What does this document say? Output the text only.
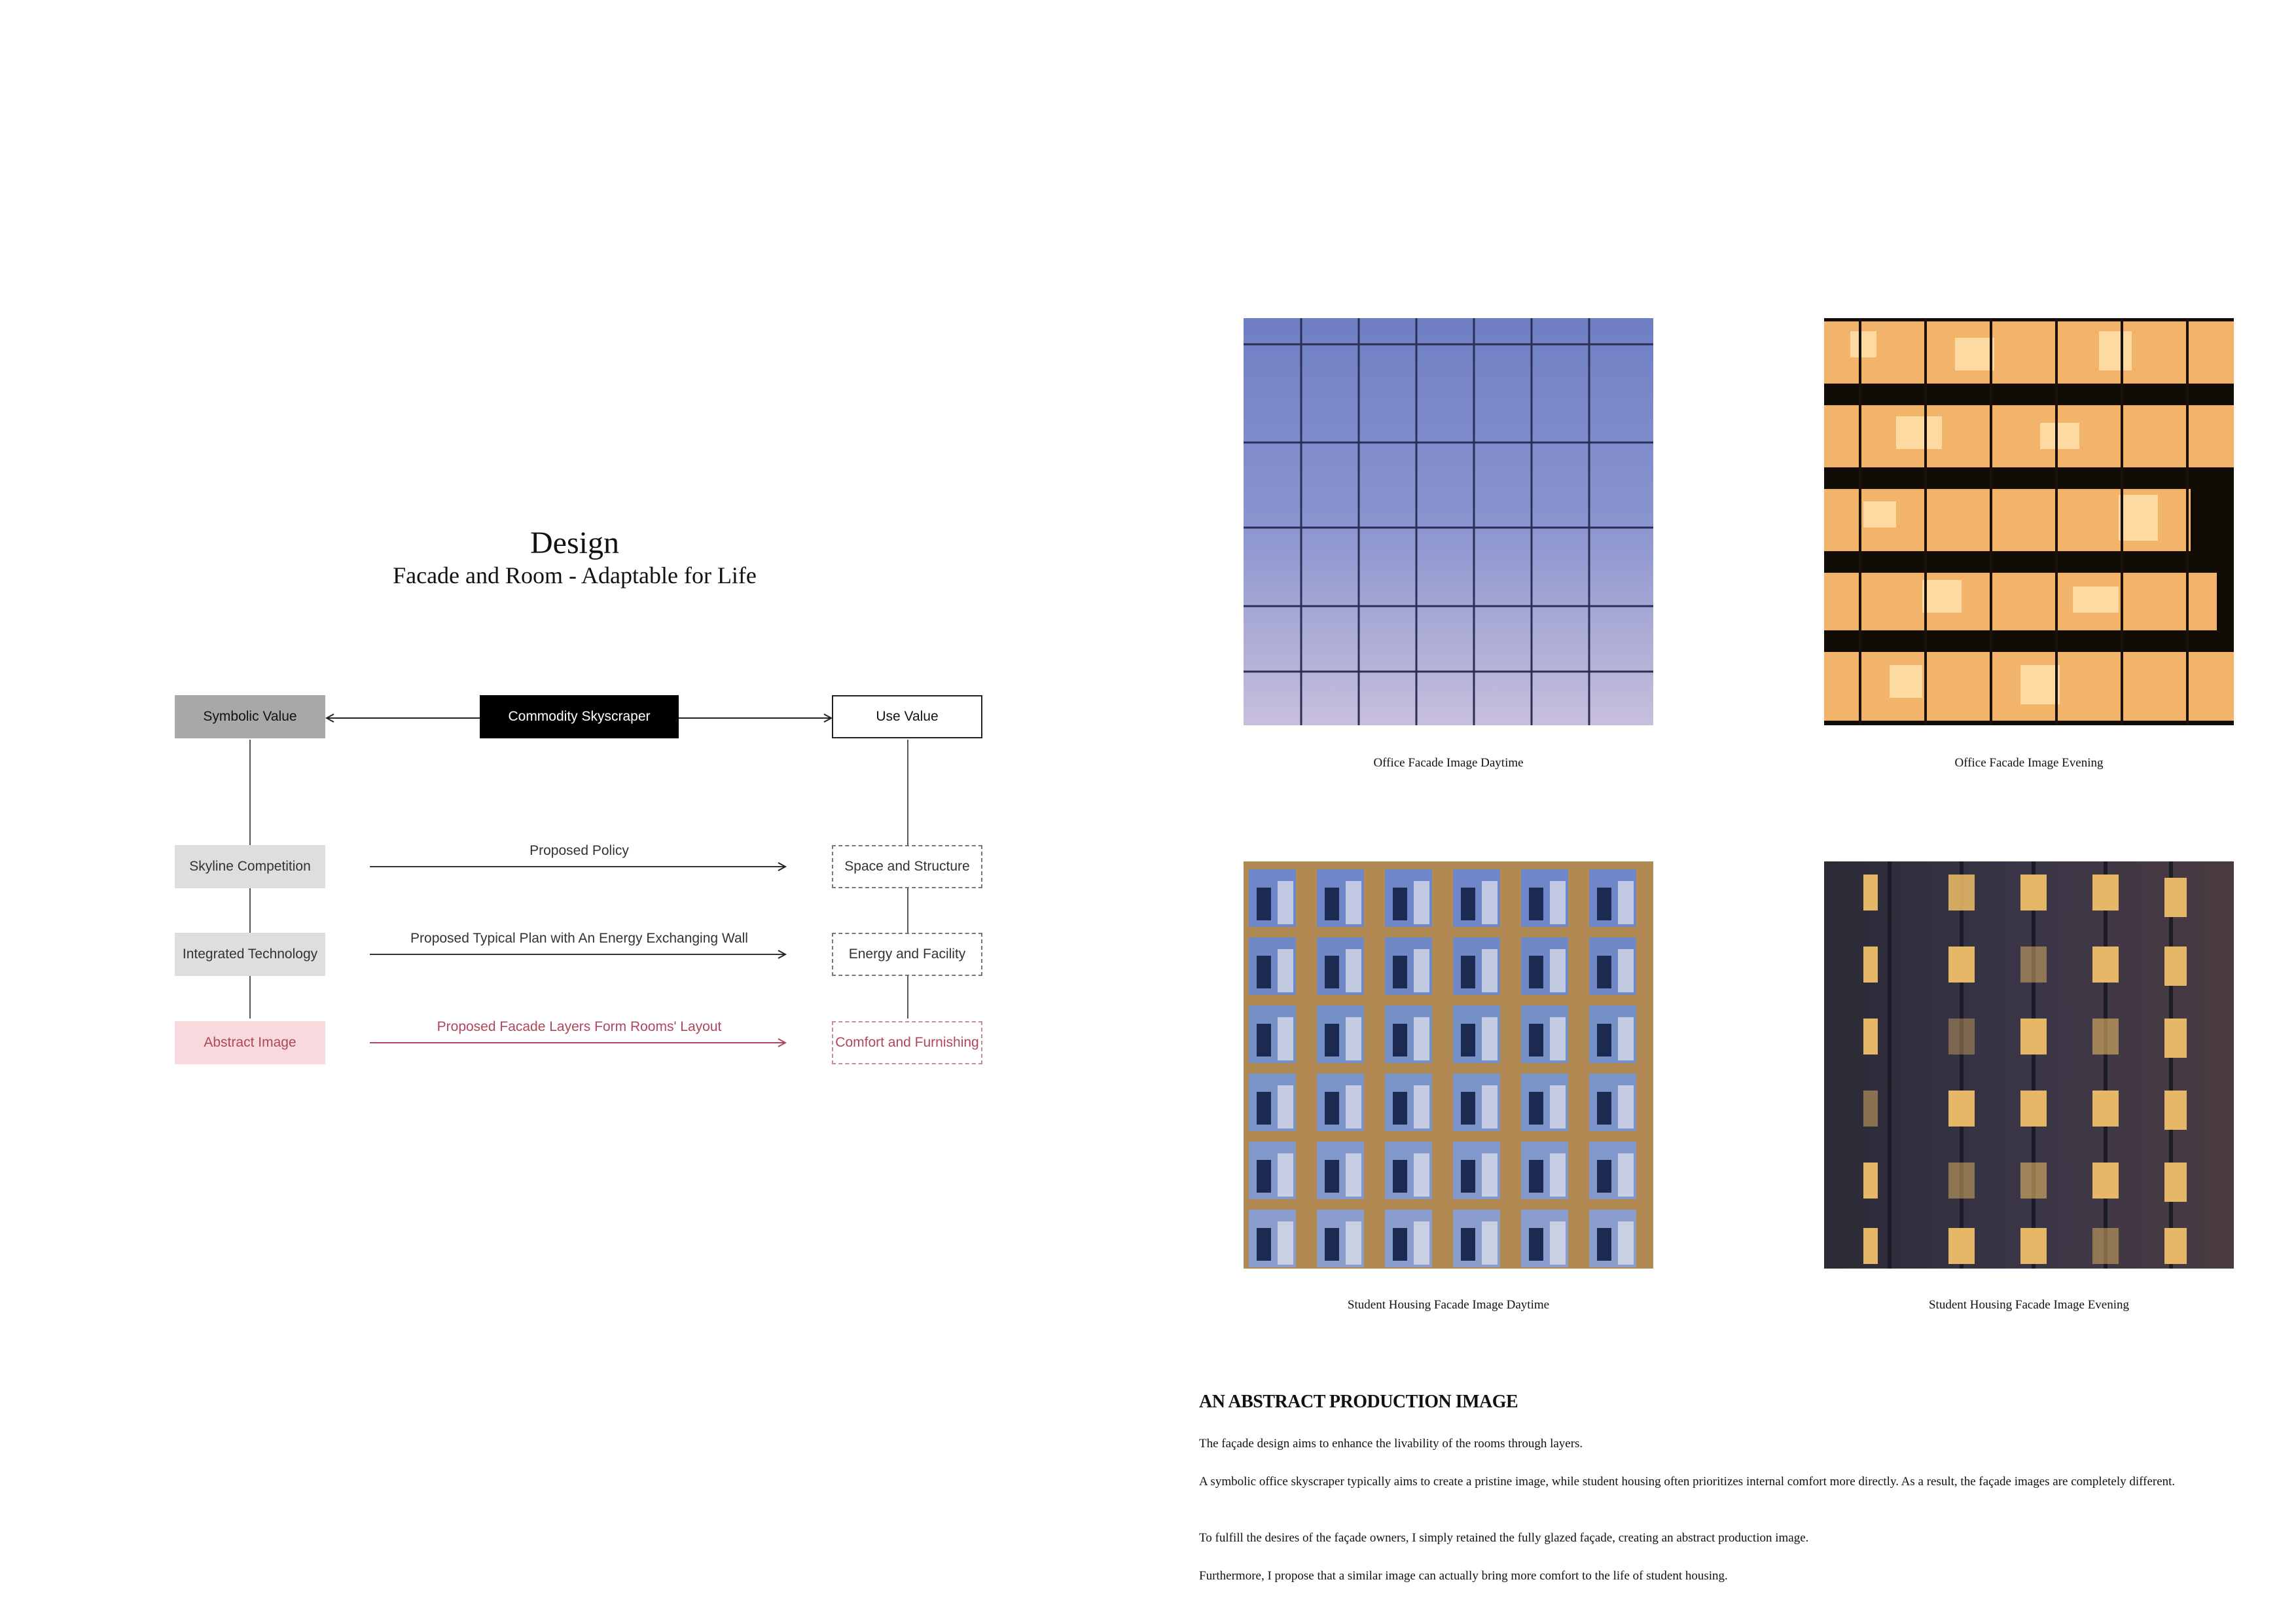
Design
Facade and Room - Adaptable for Life
Symbolic Value	Commodity Skyscraper	Use Value
Skyline Competition
Integrated Technology
Abstract Image
Space and Structure
Energy and Facility
Comfort and Furnishing
Proposed Policy
Proposed Typical Plan with An Energy Exchanging Wall
Proposed Facade Layers Form Rooms' Layout
Office Facade Image Daytime	Office Facade Image Evening
Student Housing Facade Image Daytime	Student Housing Facade Image Evening
AN ABSTRACT PRODUCTION IMAGE
The façade design aims to enhance the livability of the rooms through layers.
A symbolic office skyscraper typically aims to create a pristine image, while student housing often prioritizes internal comfort more directly. As a result, the façade images are completely different.
To fulfill the desires of the façade owners, I simply retained the fully glazed façade, creating an abstract production image.
Furthermore, I propose that a similar image can actually bring more comfort to the life of student housing.
